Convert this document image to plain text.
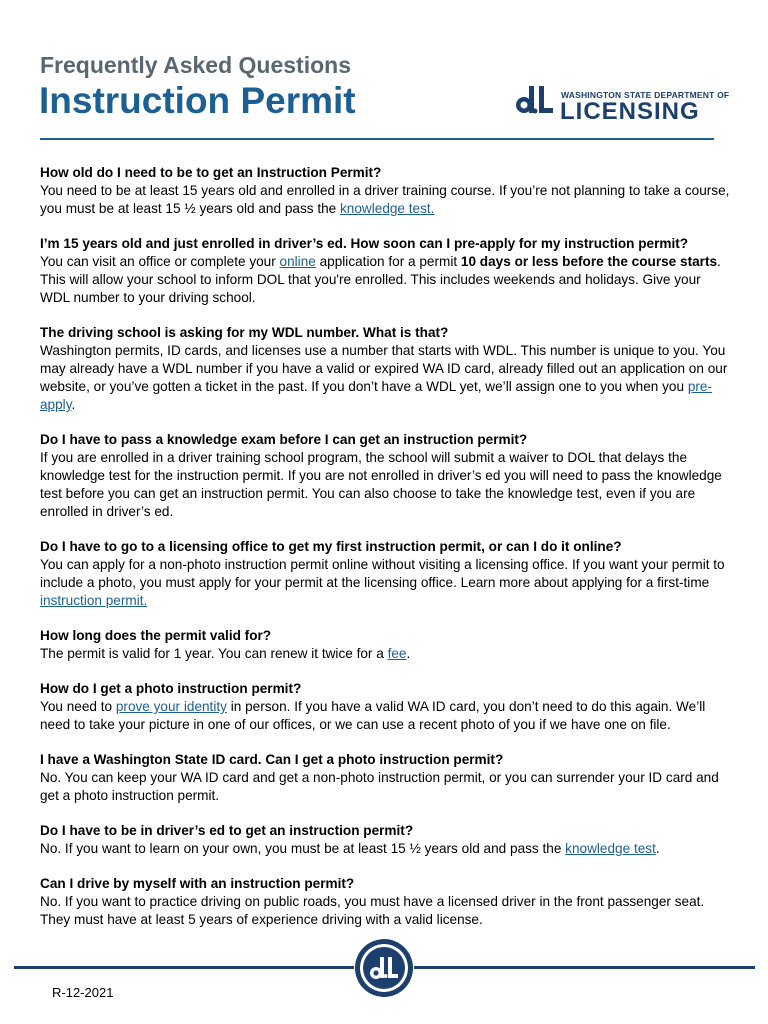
Frequently Asked Questions
Instruction Permit	WASHINGTON STATE DEPARTMENT OF
LICENSING
How old do I need to be to get an Instruction Permit?
You need to be at least 15 years old and enrolled in a driver training course. If you’re not planning to take a course, you must be at least 15 ½ years old and pass the knowledge test.
I’m 15 years old and just enrolled in driver’s ed. How soon can I pre-apply for my instruction permit?
You can visit an office or complete your online application for a permit 10 days or less before the course starts. This will allow your school to inform DOL that you're enrolled. This includes weekends and holidays. Give your WDL number to your driving school.
The driving school is asking for my WDL number. What is that?
Washington permits, ID cards, and licenses use a number that starts with WDL. This number is unique to you. You may already have a WDL number if you have a valid or expired WA ID card, already filled out an application on our website, or you’ve gotten a ticket in the past. If you don’t have a WDL yet, we’ll assign one to you when you pre-apply.
Do I have to pass a knowledge exam before I can get an instruction permit?
If you are enrolled in a driver training school program, the school will submit a waiver to DOL that delays the knowledge test for the instruction permit. If you are not enrolled in driver’s ed you will need to pass the knowledge test before you can get an instruction permit. You can also choose to take the knowledge test, even if you are enrolled in driver’s ed.
Do I have to go to a licensing office to get my first instruction permit, or can I do it online?
You can apply for a non-photo instruction permit online without visiting a licensing office. If you want your permit to include a photo, you must apply for your permit at the licensing office. Learn more about applying for a first-time instruction permit.
How long does the permit valid for?
The permit is valid for 1 year. You can renew it twice for a fee.
How do I get a photo instruction permit?
You need to prove your identity in person. If you have a valid WA ID card, you don’t need to do this again. We’ll need to take your picture in one of our offices, or we can use a recent photo of you if we have one on file.
I have a Washington State ID card. Can I get a photo instruction permit?
No. You can keep your WA ID card and get a non-photo instruction permit, or you can surrender your ID card and get a photo instruction permit.
Do I have to be in driver’s ed to get an instruction permit?
No. If you want to learn on your own, you must be at least 15 ½ years old and pass the knowledge test.
Can I drive by myself with an instruction permit?
No. If you want to practice driving on public roads, you must have a licensed driver in the front passenger seat. They must have at least 5 years of experience driving with a valid license.
R-12-2021
